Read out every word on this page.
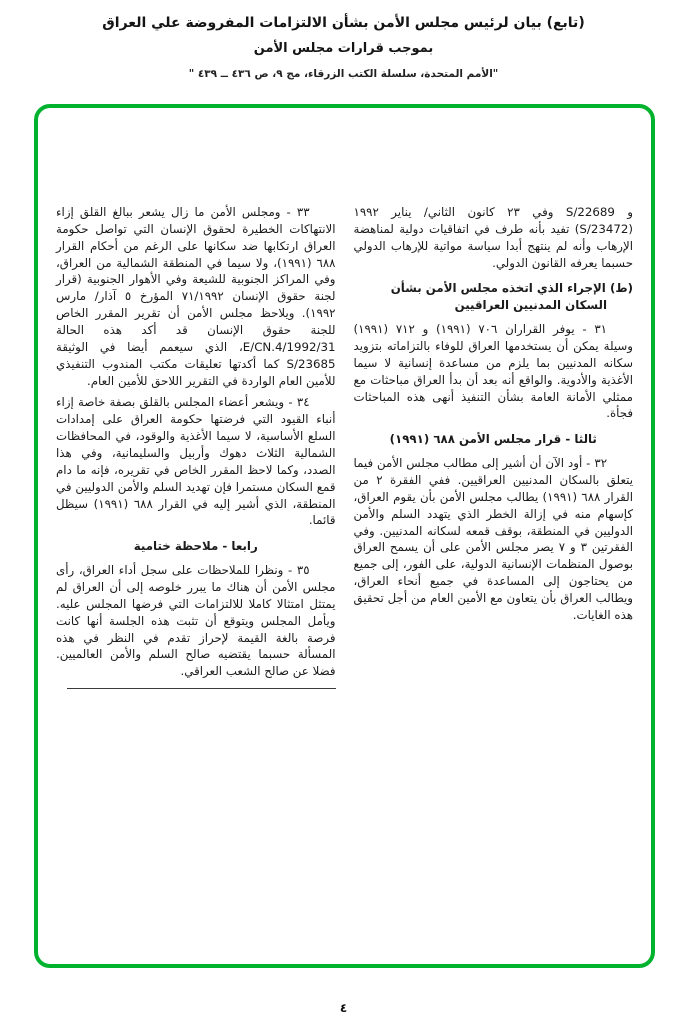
(تابع) بيان لرئيس مجلس الأمن بشأن الالتزامات المفروضة علي العراق
بموجب قرارات مجلس الأمن
"الأمم المتحدة، سلسلة الكتب الزرقاء، مج ٩، ص ٤٣٦ ــ ٤٣٩ "

و S/22689 وفي ٢٣ كانون الثاني/ يناير ١٩٩٢ (S/23472) تفيد بأنه طرف في اتفاقيات دولية لمناهضة الإرهاب وأنه لم ينتهج أبدا سياسة مواتية للإرهاب الدولي حسبما يعرفه القانون الدولي.

(ط) الإجراء الذي اتخذه مجلس الأمن بشأن السكان المدنيين العراقيين

٣١ - يوفر القراران ٧٠٦ (١٩٩١) و ٧١٢ (١٩٩١) وسيلة يمكن أن يستخدمها العراق للوفاء بالتزاماته بتزويد سكانه المدنيين بما يلزم من مساعدة إنسانية لا سيما الأغذية والأدوية. والواقع أنه بعد أن بدأ العراق مباحثات مع ممثلي الأمانة العامة بشأن التنفيذ أنهى هذه المباحثات فجأة.

ثالثا - قرار مجلس الأمن ٦٨٨ (١٩٩١)

٣٢ - أود الآن أن أشير إلى مطالب مجلس الأمن فيما يتعلق بالسكان المدنيين العراقيين. ففي الفقرة ٢ من القرار ٦٨٨ (١٩٩١) يطالب مجلس الأمن بأن يقوم العراق، كإسهام منه في إزالة الخطر الذي يتهدد السلم والأمن الدوليين في المنطقة، بوقف قمعه لسكانه المدنيين. وفي الفقرتين ٣ و ٧ يصر مجلس الأمن على أن يسمح العراق بوصول المنظمات الإنسانية الدولية، على الفور، إلى جميع من يحتاجون إلى المساعدة في جميع أنحاء العراق، ويطالب العراق بأن يتعاون مع الأمين العام من أجل تحقيق هذه الغايات.

٣٣ - ومجلس الأمن ما زال يشعر ببالغ القلق إزاء الانتهاكات الخطيرة لحقوق الإنسان التي تواصل حكومة العراق ارتكابها ضد سكانها على الرغم من أحكام القرار ٦٨٨ (١٩٩١)، ولا سيما في المنطقة الشمالية من العراق، وفي المراكز الجنوبية للشيعة وفي الأهوار الجنوبية (قرار لجنة حقوق الإنسان ٧١/١٩٩٢ المؤرخ ٥ آذار/ مارس ١٩٩٢). ويلاحظ مجلس الأمن أن تقرير المقرر الخاص للجنة حقوق الإنسان قد أكد هذه الحالة E/CN.4/1992/31، الذي سيعمم أيضا في الوثيقة S/23685 كما أكدتها تعليقات مكتب المندوب التنفيذي للأمين العام الواردة في التقرير اللاحق للأمين العام.

٣٤ - ويشعر أعضاء المجلس بالقلق بصفة خاصة إزاء أنباء القيود التي فرضتها حكومة العراق على إمدادات السلع الأساسية، لا سيما الأغذية والوقود، في المحافظات الشمالية الثلاث دهوك وأربيل والسليمانية، وفي هذا الصدد، وكما لاحظ المقرر الخاص في تقريره، فإنه ما دام قمع السكان مستمرا فإن تهديد السلم والأمن الدوليين في المنطقة، الذي أشير إليه في القرار ٦٨٨ (١٩٩١) سيظل قائما.

رابعا - ملاحظة ختامية

٣٥ - ونظرا للملاحظات على سجل أداء العراق، رأى مجلس الأمن أن هناك ما يبرر خلوصه إلى أن العراق لم يمتثل امتثالا كاملا للالتزامات التي فرضها المجلس عليه. ويأمل المجلس ويتوقع أن تثبت هذه الجلسة أنها كانت فرصة بالغة القيمة لإحراز تقدم في النظر في هذه المسألة حسبما يقتضيه صالح السلم والأمن العالميين. فضلا عن صالح الشعب العراقي.

٤
